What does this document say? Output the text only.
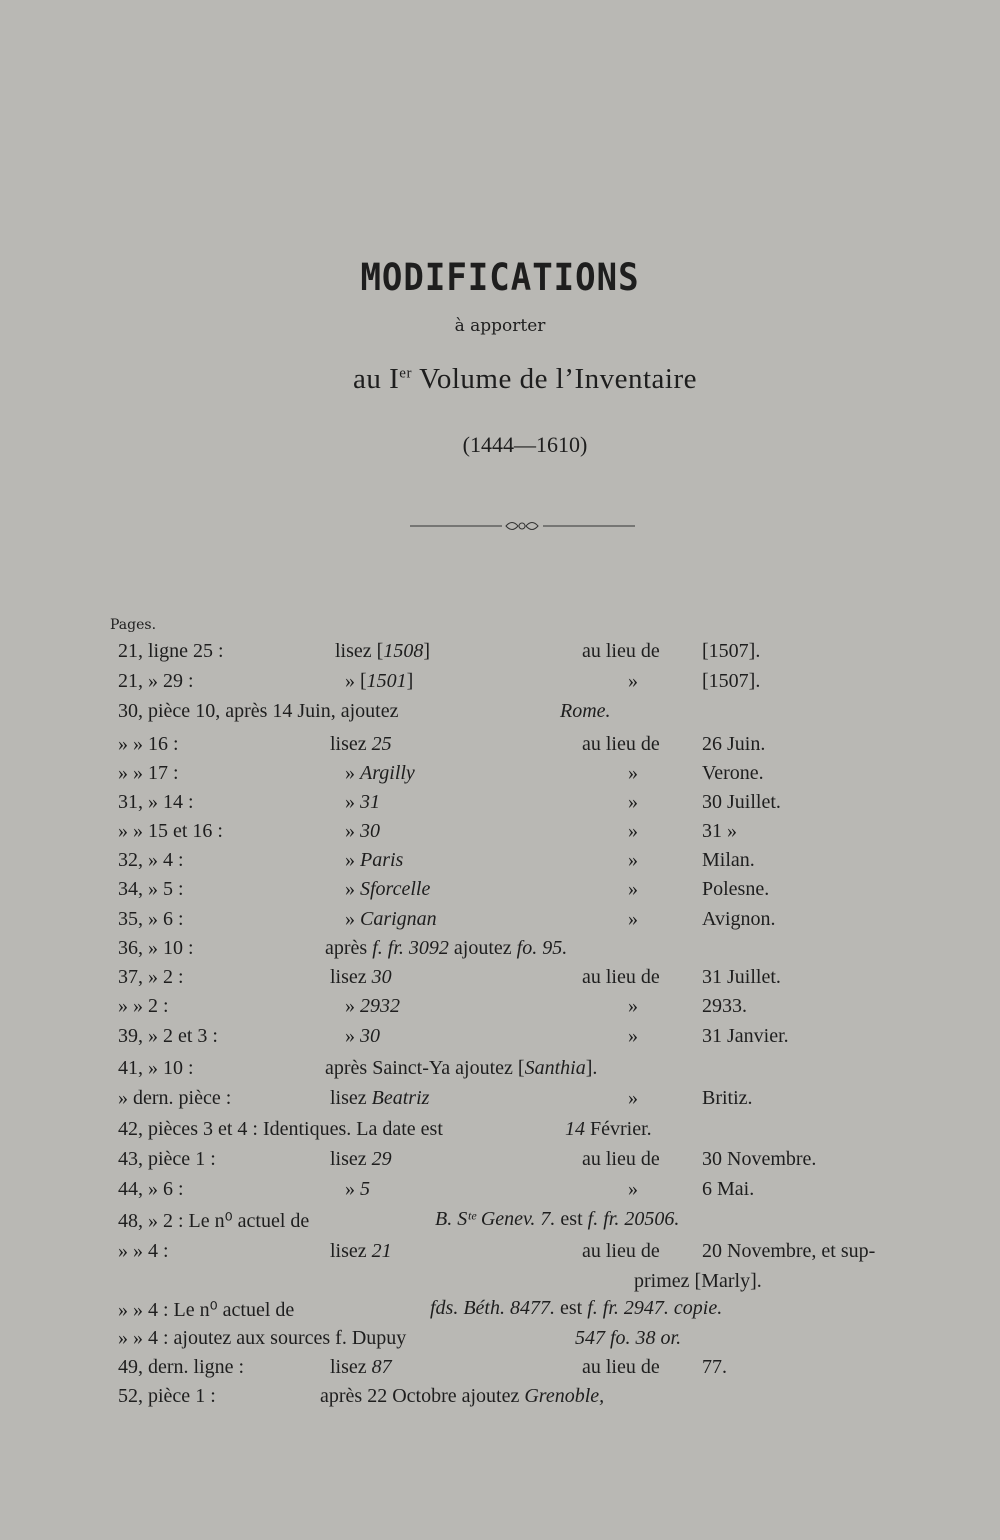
MODIFICATIONS
à apporter
au Ier Volume de l’Inventaire
(1444—1610)
Pages.
21, ligne 25 :	lisez [1508]	au lieu de [1507].
21, » 29 :	» [1501]	»	[1507].
30, pièce 10, après 14 Juin, ajoutez	Rome.
» » 16 :	lisez 25	au lieu de 26 Juin.
» » 17 :	» Argilly	»	Verone.
31, » 14 :	» 31	»	30 Juillet.
» » 15 et 16 :	» 30	»	31 »
32, » 4 :	» Paris	»	Milan.
34, » 5 :	» Sforcelle	»	Polesne.
35, » 6 :	» Carignan	»	Avignon.
36, » 10 :	après f. fr. 3092 ajoutez fo. 95.
37, » 2 :	lisez 30	au lieu de 31 Juillet.
» » 2 :	» 2932	»	2933.
39, » 2 et 3 :	» 30	»	31 Janvier.
41, » 10 :	après Sainct-Ya ajoutez [Santhia].
» dern. pièce :	lisez Beatriz	»	Britiz.
42, pièces 3 et 4 : Identiques. La date est	14 Février.
43, pièce 1 :	lisez 29	au lieu de 30 Novembre.
44, » 6 :	» 5	»	6 Mai.
48, » 2 : Le n⁰ actuel de	B. Sᵗᵉ Genev. 7. est f. fr. 20506.
» » 4 :	lisez 21	au lieu de 20 Novembre, et sup-
primez [Marly].
» » 4 : Le n⁰ actuel de	fds. Béth. 8477. est f. fr. 2947. copie.
» » 4 : ajoutez aux sources f. Dupuy	547 fo. 38 or.
49, dern. ligne :	lisez 87	au lieu de 77.
52, pièce 1 :	après 22 Octobre ajoutez Grenoble,
